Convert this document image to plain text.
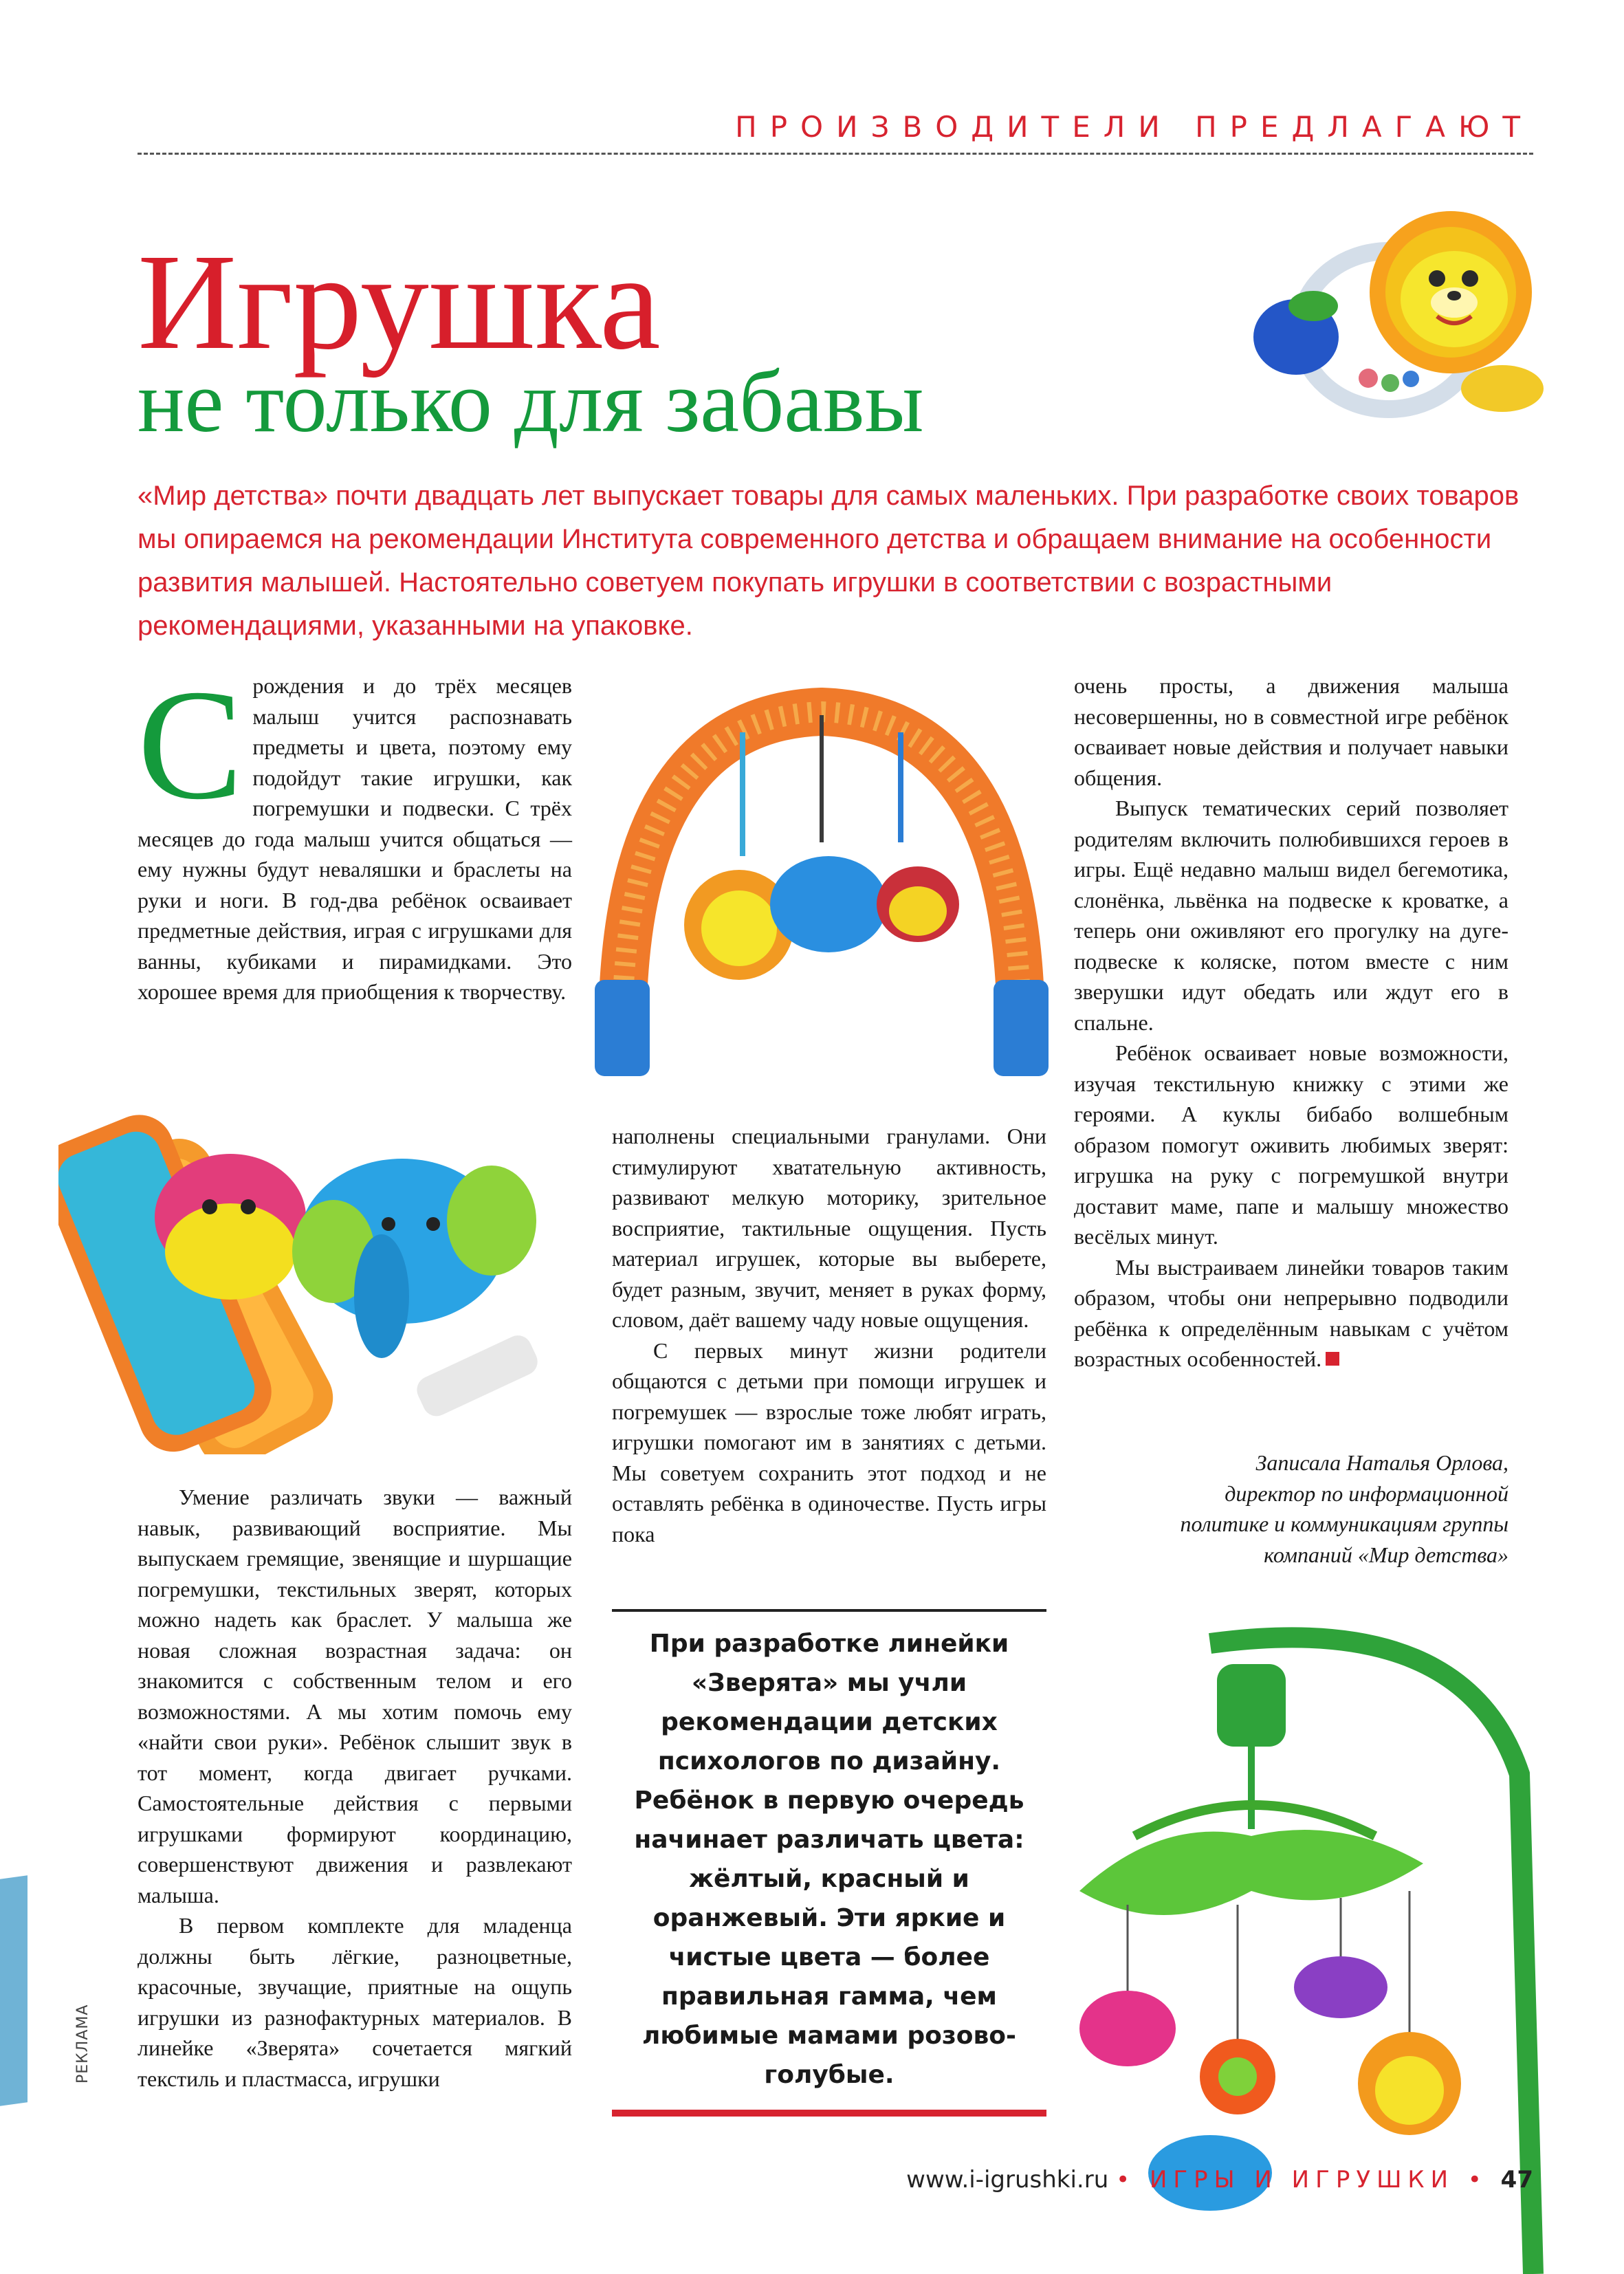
ПРОИЗВОДИТЕЛИ ПРЕДЛАГАЮТ
Игрушка
не только для забавы
«Мир детства» почти двадцать лет выпускает товары для самых маленьких. При разработке своих товаров мы опираемся на рекомендации Института современного детства и обращаем внимание на особенности развития малышей. Настоятельно советуем покупать игрушки в соответствии с возрастными рекомендациями, указанными на упаковке.

Срождения и до трёх месяцев малыш учится распознавать предметы и цвета, поэтому ему подойдут такие игрушки, как погремушки и подвески. С трёх месяцев до года малыш учится общаться — ему нужны будут неваляшки и браслеты на руки и ноги. В год-два ребёнок осваивает предметные действия, играя с игрушками для ванны, кубиками и пирамидками. Это хорошее время для приобщения к творчеству.

Умение различать звуки — важный навык, развивающий восприятие. Мы выпускаем гремящие, звенящие и шуршащие погремушки, текстильных зверят, которых можно надеть как браслет. У малыша же новая сложная возрастная задача: он знакомится с собственным телом и его возможностями. А мы хотим помочь ему «найти свои руки». Ребёнок слышит звук в тот момент, когда двигает ручками. Самостоятельные действия с первыми игрушками формируют координацию, совершенствуют движения и развлекают малыша.

В первом комплекте для младенца должны быть лёгкие, разноцветные, красочные, звучащие, приятные на ощупь игрушки из разнофактурных материалов. В линейке «Зверята» сочетается мягкий текстиль и пластмасса, игрушки

наполнены специальными гранулами. Они стимулируют хватательную активность, развивают мелкую моторику, зрительное восприятие, тактильные ощущения. Пусть материал игрушек, которые вы выберете, будет разным, звучит, меняет в руках форму, словом, даёт вашему чаду новые ощущения.

С первых минут жизни родители общаются с детьми при помощи игрушек и погремушек — взрослые тоже любят играть, игрушки помогают им в занятиях с детьми. Мы советуем сохранить этот подход и не оставлять ребёнка в одиночестве. Пусть игры пока

При разработке линейки «Зверята» мы учли рекомендации детских психологов по дизайну. Ребёнок в первую очередь начинает различать цвета: жёлтый, красный и оранжевый. Эти яркие и чистые цвета — более правильная гамма, чем любимые мамами розово-голубые.

очень просты, а движения малыша несовершенны, но в совместной игре ребёнок осваивает новые действия и получает навыки общения.

Выпуск тематических серий позволяет родителям включить полюбившихся героев в игры. Ещё недавно малыш видел бегемотика, слонёнка, львёнка на подвеске к кроватке, а теперь они оживляют его прогулку на дуге-подвеске к коляске, потом вместе с ним зверушки идут обедать или ждут его в спальне.

Ребёнок осваивает новые возможности, изучая текстильную книжку с этими же героями. А куклы бибабо волшебным образом помогут оживить любимых зверят: игрушка на руку с погремушкой внутри доставит маме, папе и малышу множество весёлых минут.

Мы выстраиваем линейки товаров таким образом, чтобы они непрерывно подводили ребёнка к определённым навыкам с учётом возрастных особенностей.

Записала Наталья Орлова,
директор по информационной
политике и коммуникациям группы
компаний «Мир детства»
РЕКЛАМА
www.i-igrushki.ru • ИГРЫ И ИГРУШКИ • 47
